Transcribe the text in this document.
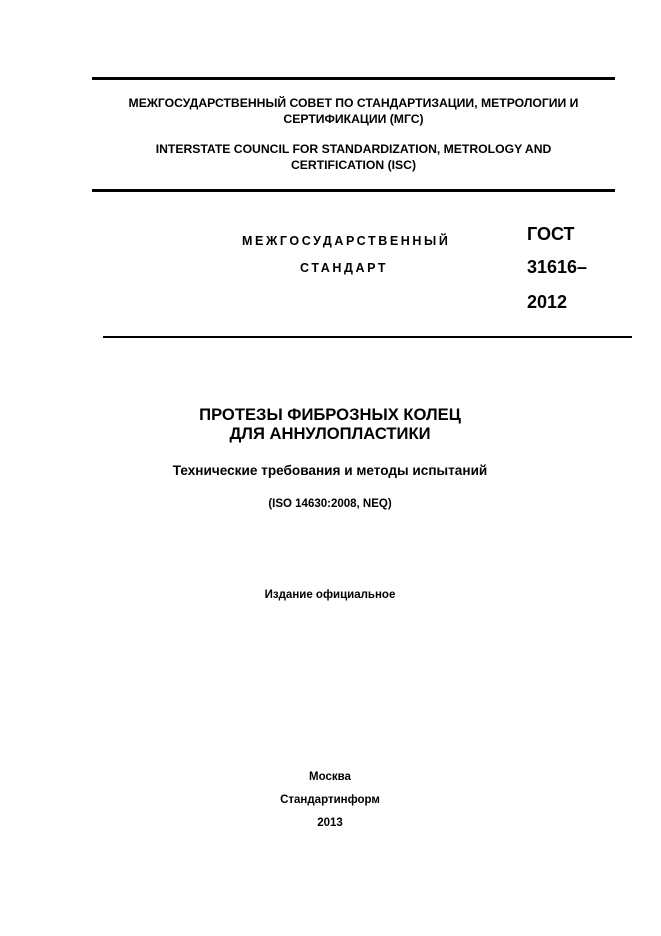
МЕЖГОСУДАРСТВЕННЫЙ СОВЕТ ПО СТАНДАРТИЗАЦИИ, МЕТРОЛОГИИ И
СЕРТИФИКАЦИИ (МГС)
INTERSTATE COUNCIL FOR STANDARDIZATION, METROLOGY AND
CERTIFICATION (ISC)
МЕЖГОСУДАРСТВЕННЫЙ
СТАНДАРТ
ГОСТ
31616–
2012
ПРОТЕЗЫ ФИБРОЗНЫХ КОЛЕЦ
ДЛЯ АННУЛОПЛАСТИКИ
Технические требования и методы испытаний
(ISO 14630:2008, NEQ)
Издание официальное
Москва
Стандартинформ
2013
